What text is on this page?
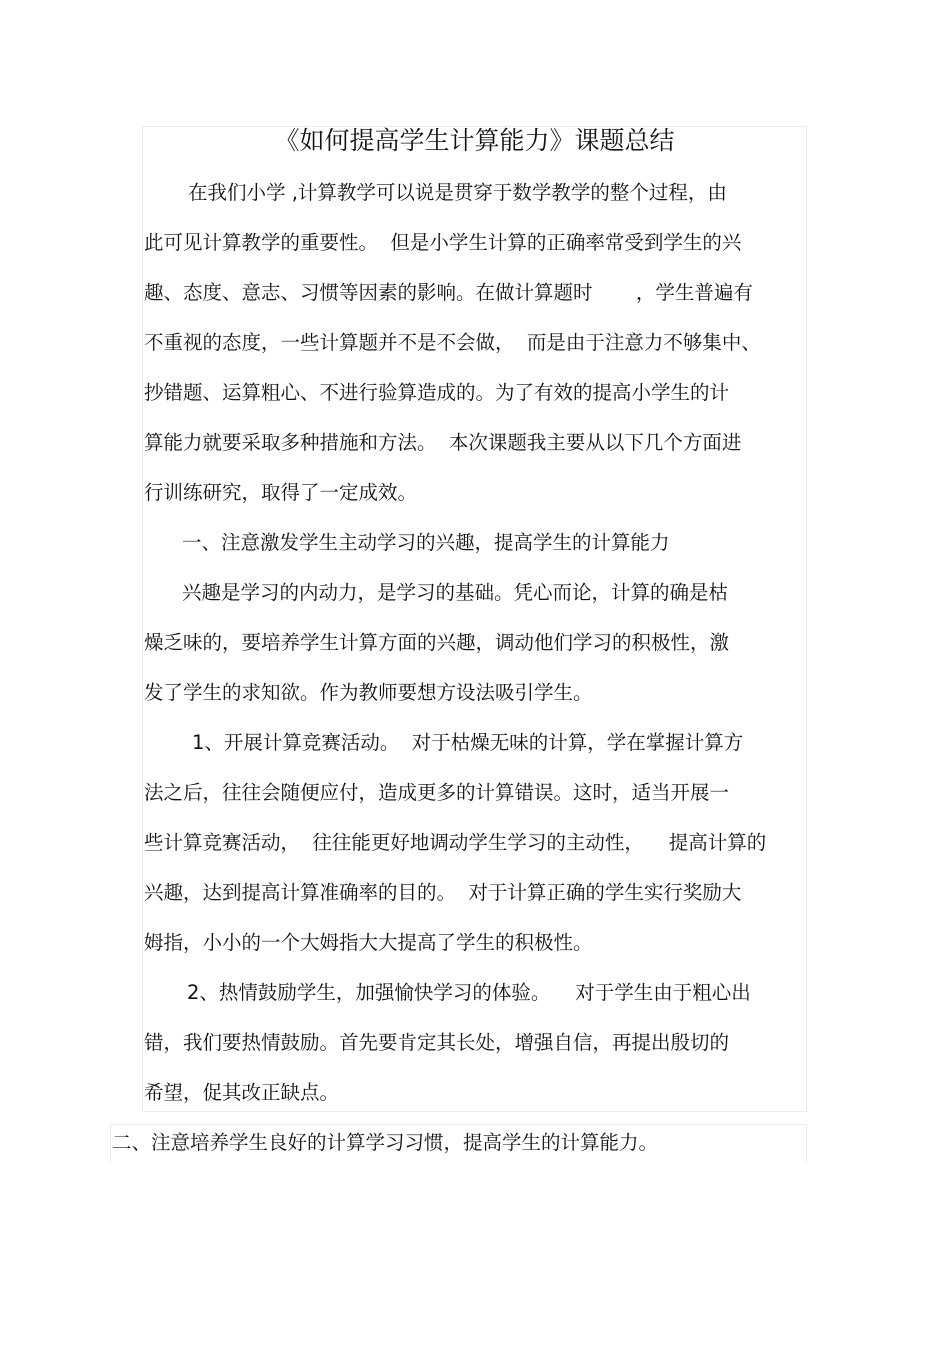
《如何提高学生计算能力》课题总结
在我们小学 ,计算教学可以说是贯穿于数学教学的整个过程，由
此可见计算教学的重要性。  但是小学生计算的正确率常受到学生的兴
趣、态度、意志、习惯等因素的影响。在做计算题时       ，学生普遍有
不重视的态度，一些计算题并不是不会做，  而是由于注意力不够集中、
抄错题、运算粗心、不进行验算造成的。为了有效的提高小学生的计
算能力就要采取多种措施和方法。  本次课题我主要从以下几个方面进
行训练研究，取得了一定成效。
一、注意激发学生主动学习的兴趣，提高学生的计算能力
兴趣是学习的内动力，是学习的基础。凭心而论，计算的确是枯
燥乏味的，要培养学生计算方面的兴趣，调动他们学习的积极性，激
发了学生的求知欲。作为教师要想方设法吸引学生。
1、开展计算竞赛活动。  对于枯燥无味的计算，学在掌握计算方
法之后，往往会随便应付，造成更多的计算错误。这时，适当开展一
些计算竞赛活动，  往往能更好地调动学生学习的主动性，    提高计算的
兴趣，达到提高计算准确率的目的。  对于计算正确的学生实行奖励大
姆指，小小的一个大姆指大大提高了学生的积极性。
2、热情鼓励学生，加强愉快学习的体验。    对于学生由于粗心出
错，我们要热情鼓励。首先要肯定其长处，增强自信，再提出殷切的
希望，促其改正缺点。
二、注意培养学生良好的计算学习习惯，提高学生的计算能力。
